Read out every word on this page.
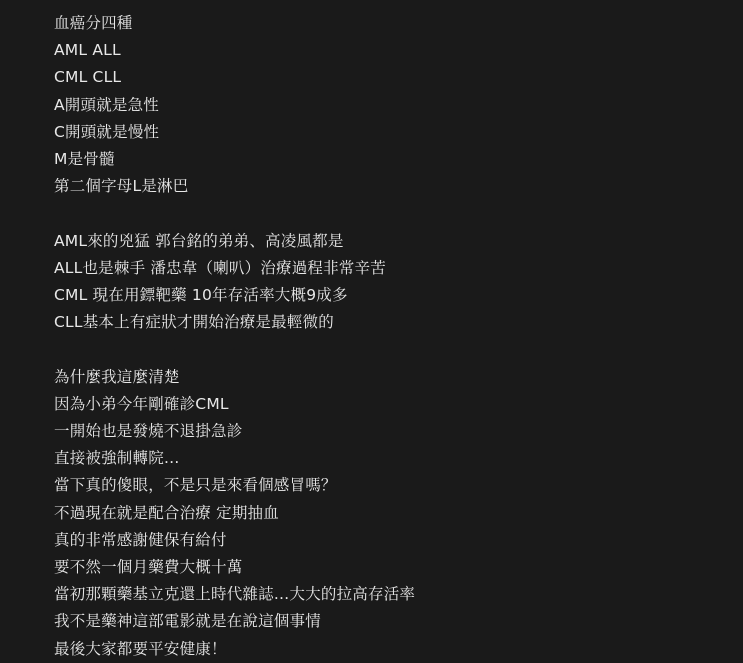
血癌分四種
AML ALL
CML CLL
A開頭就是急性
C開頭就是慢性
M是骨髓
第二個字母L是淋巴
AML來的兇猛 郭台銘的弟弟、高凌風都是
ALL也是棘手 潘忠韋（喇叭）治療過程非常辛苦
CML 現在用鏢靶藥 10年存活率大概9成多
CLL基本上有症狀才開始治療是最輕微的
為什麼我這麼清楚
因為小弟今年剛確診CML
一開始也是發燒不退掛急診
直接被強制轉院…
當下真的傻眼，不是只是來看個感冒嗎？
不過現在就是配合治療 定期抽血
真的非常感謝健保有給付
要不然一個月藥費大概十萬
當初那顆藥基立克還上時代雜誌…大大的拉高存活率
我不是藥神這部電影就是在說這個事情
最後大家都要平安健康！
